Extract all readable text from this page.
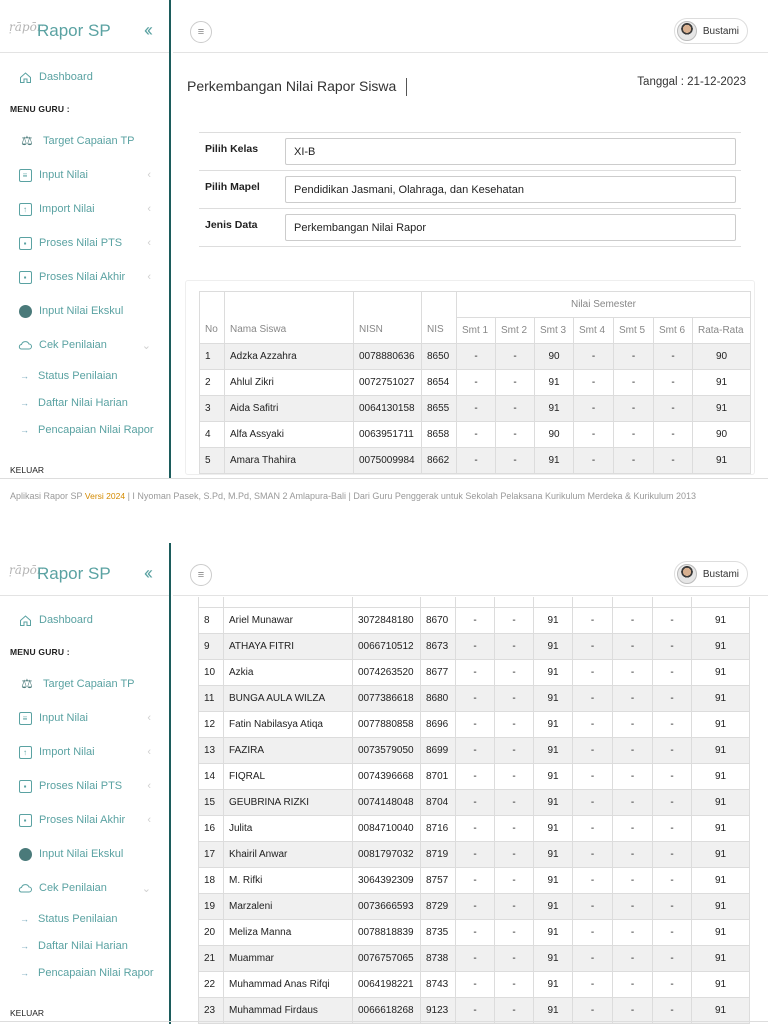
ṛāpōr
Rapor SP ‹‹
Dashboard
MENU GURU :
⚖ Target Capaian TP
≡	Input Nilai	‹
↑	Import Nilai	‹
▪	Proses Nilai PTS ‹
▪	Proses Nilai Akhir ‹
Input Nilai Ekskul
Cek Penilaian	⌄
→ Status Penilaian
→ Daftar Nilai Harian
→ Pencapaian Nilai Rapor
KELUAR
≡	Bustami
Perkembangan Nilai Rapor Siswa	Tanggal : 21-12-2023
Pilih Kelas	XI-B
Pilih Mapel	Pendidikan Jasmani, Olahraga, dan Kesehatan
Jenis Data	Perkembangan Nilai Rapor
No	Nama Siswa	NISN	NIS	Nilai Semester						
				Smt 1	Smt 2	Smt 3	Smt 4	Smt 5	Smt 6	Rata-Rata
1	Adzka Azzahra	0078880636	8650	-	-	90	-	-	-	90
2	Ahlul Zikri	0072751027	8654	-	-	91	-	-	-	91
3	Aida Safitri	0064130158	8655	-	-	91	-	-	-	91
4	Alfa Assyaki	0063951711	8658	-	-	90	-	-	-	90
5	Amara Thahira	0075009984	8662	-	-	91	-	-	-	91
Aplikasi Rapor SP Versi 2024 | I Nyoman Pasek, S.Pd, M.Pd, SMAN 2 Amlapura-Bali | Dari Guru Penggerak untuk Sekolah Pelaksana Kurikulum Merdeka & Kurikulum 2013
ṛāpōr
Rapor SP ‹‹
Dashboard
MENU GURU :
⚖ Target Capaian TP
≡	Input Nilai	‹
↑	Import Nilai	‹
▪	Proses Nilai PTS ‹
▪	Proses Nilai Akhir ‹
Input Nilai Ekskul
Cek Penilaian	⌄
→ Status Penilaian
→ Daftar Nilai Harian
→ Pencapaian Nilai Rapor
KELUAR
≡	Bustami

8	Ariel Munawar	3072848180	8670	-	-	91	-	-	-	91
9	ATHAYA FITRI	0066710512	8673	-	-	91	-	-	-	91
10	Azkia	0074263520	8677	-	-	91	-	-	-	91
11	BUNGA AULA WILZA	0077386618	8680	-	-	91	-	-	-	91
12	Fatin Nabilasya Atiqa	0077880858	8696	-	-	91	-	-	-	91
13	FAZIRA	0073579050	8699	-	-	91	-	-	-	91
14	FIQRAL	0074396668	8701	-	-	91	-	-	-	91
15	GEUBRINA RIZKI	0074148048	8704	-	-	91	-	-	-	91
16	Julita	0084710040	8716	-	-	91	-	-	-	91
17	Khairil Anwar	0081797032	8719	-	-	91	-	-	-	91
18	M. Rifki	3064392309	8757	-	-	91	-	-	-	91
19	Marzaleni	0073666593	8729	-	-	91	-	-	-	91
20	Meliza Manna	0078818839	8735	-	-	91	-	-	-	91
21	Muammar	0076757065	8738	-	-	91	-	-	-	91
22	Muhammad Anas Rifqi	0064198221	8743	-	-	91	-	-	-	91
23	Muhammad Firdaus	0066618268	9123	-	-	91	-	-	-	91
